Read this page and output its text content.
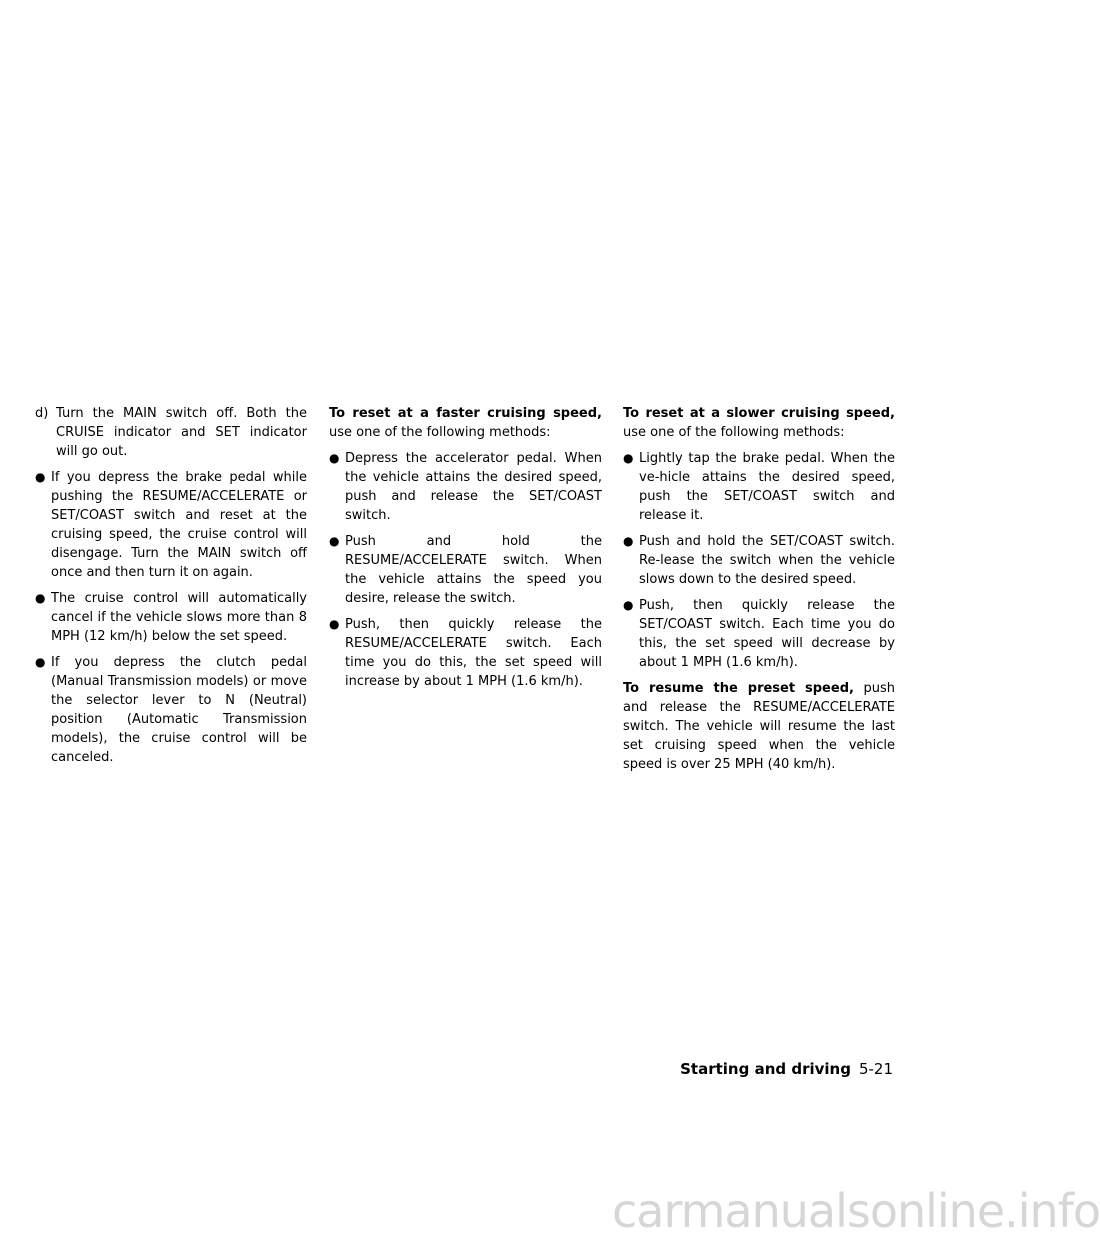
d) Turn the MAIN switch off. Both the CRUISE indicator and SET indicator will go out.
● If you depress the brake pedal while pushing the RESUME/ACCELERATE or SET/COAST switch and reset at the cruising speed, the cruise control will disengage. Turn the MAIN switch off once and then turn it on again.
● The cruise control will automatically cancel if the vehicle slows more than 8 MPH (12 km/h) below the set speed.
● If you depress the clutch pedal (Manual Transmission models) or move the selector lever to N (Neutral) position (Automatic Transmission models), the cruise control will be canceled.

To reset at a faster cruising speed, use one of the following methods:

● Depress the accelerator pedal. When the vehicle attains the desired speed, push and release the SET/COAST switch.
● Push and hold the RESUME/ACCELERATE switch. When the vehicle attains the speed you desire, release the switch.
● Push, then quickly release the RESUME/ACCELERATE switch. Each time you do this, the set speed will increase by about 1 MPH (1.6 km/h).

To reset at a slower cruising speed, use one of the following methods:

● Lightly tap the brake pedal. When the ve-hicle attains the desired speed, push the SET/COAST switch and release it.
● Push and hold the SET/COAST switch. Re-lease the switch when the vehicle slows down to the desired speed.
● Push, then quickly release the SET/COAST switch. Each time you do this, the set speed will decrease by about 1 MPH (1.6 km/h).

To resume the preset speed, push and release the RESUME/ACCELERATE switch. The vehicle will resume the last set cruising speed when the vehicle speed is over 25 MPH (40 km/h).

Starting and driving 5-21
carmanualsonline.info
